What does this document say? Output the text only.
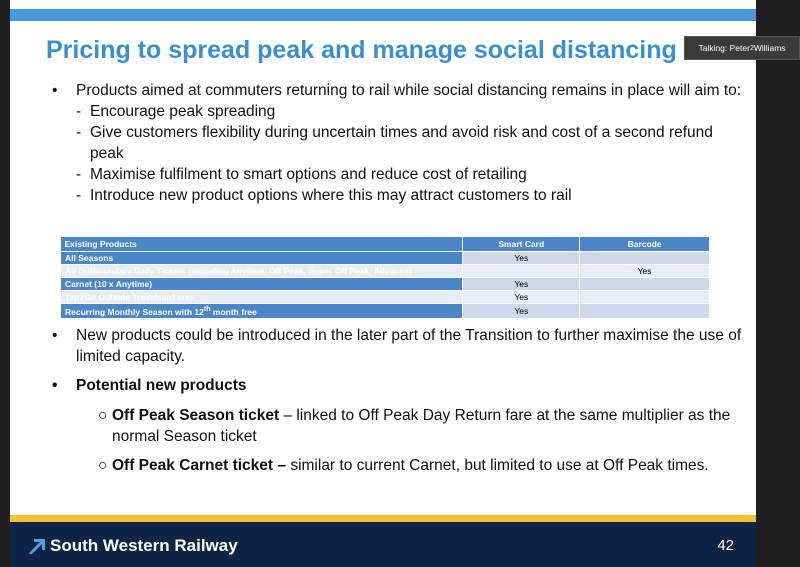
Pricing to spread peak and manage social distancing
• Products aimed at commuters returning to rail while social distancing remains in place will aim to:
- Encourage peak spreading
- Give customers flexibility during uncertain times and avoid risk and cost of a second refund peak
- Maximise fulfilment to smart options and reduce cost of retailing
- Introduce new product options where this may attract customers to rail
Existing Products	Smart Card	Barcode
All Seasons	Yes	
All Outboundary Daily Tickets (including Anytime, Off Peak, Super Off Peak, Advance)		Yes
Carnet (10 x Anytime)	Yes	
Tap2Go Outside Travelcard area	Yes	
Recurring Monthly Season with 12th month free	Yes	
• New products could be introduced in the later part of the Transition to further maximise the use of limited capacity.
• Potential new products
○ Off Peak Season ticket – linked to Off Peak Day Return fare at the same multiplier as the normal Season ticket
○ Off Peak Carnet ticket – similar to current Carnet, but limited to use at Off Peak times.
South Western Railway	42
Talking: Peter 2 Williams
